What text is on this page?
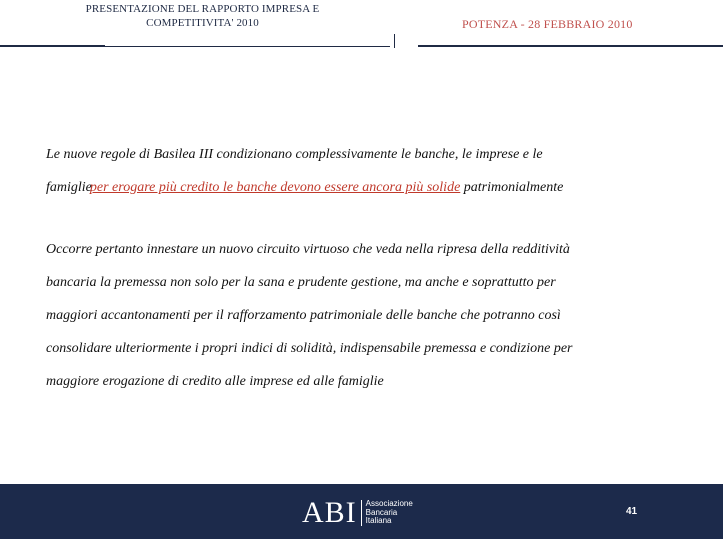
PRESENTAZIONE DEL RAPPORTO IMPRESA E
COMPETITIVITA' 2010	POTENZA - 28 FEBBRAIO 2010
Le nuove regole di Basilea III condizionano complessivamente le banche, le imprese e le
famiglieper erogare più credito le banche devono essere ancora più solide patrimonialmente
Occorre pertanto innestare un nuovo circuito virtuoso che veda nella ripresa della redditività
bancaria la premessa non solo per la sana e prudente gestione, ma anche e soprattutto per
maggiori accantonamenti per il rafforzamento patrimoniale delle banche che potranno così
consolidare ulteriormente i propri indici di solidità, indispensabile premessa e condizione per
maggiore erogazione di credito alle imprese ed alle famiglie
ABI Associazione
Bancaria
Italiana
41
